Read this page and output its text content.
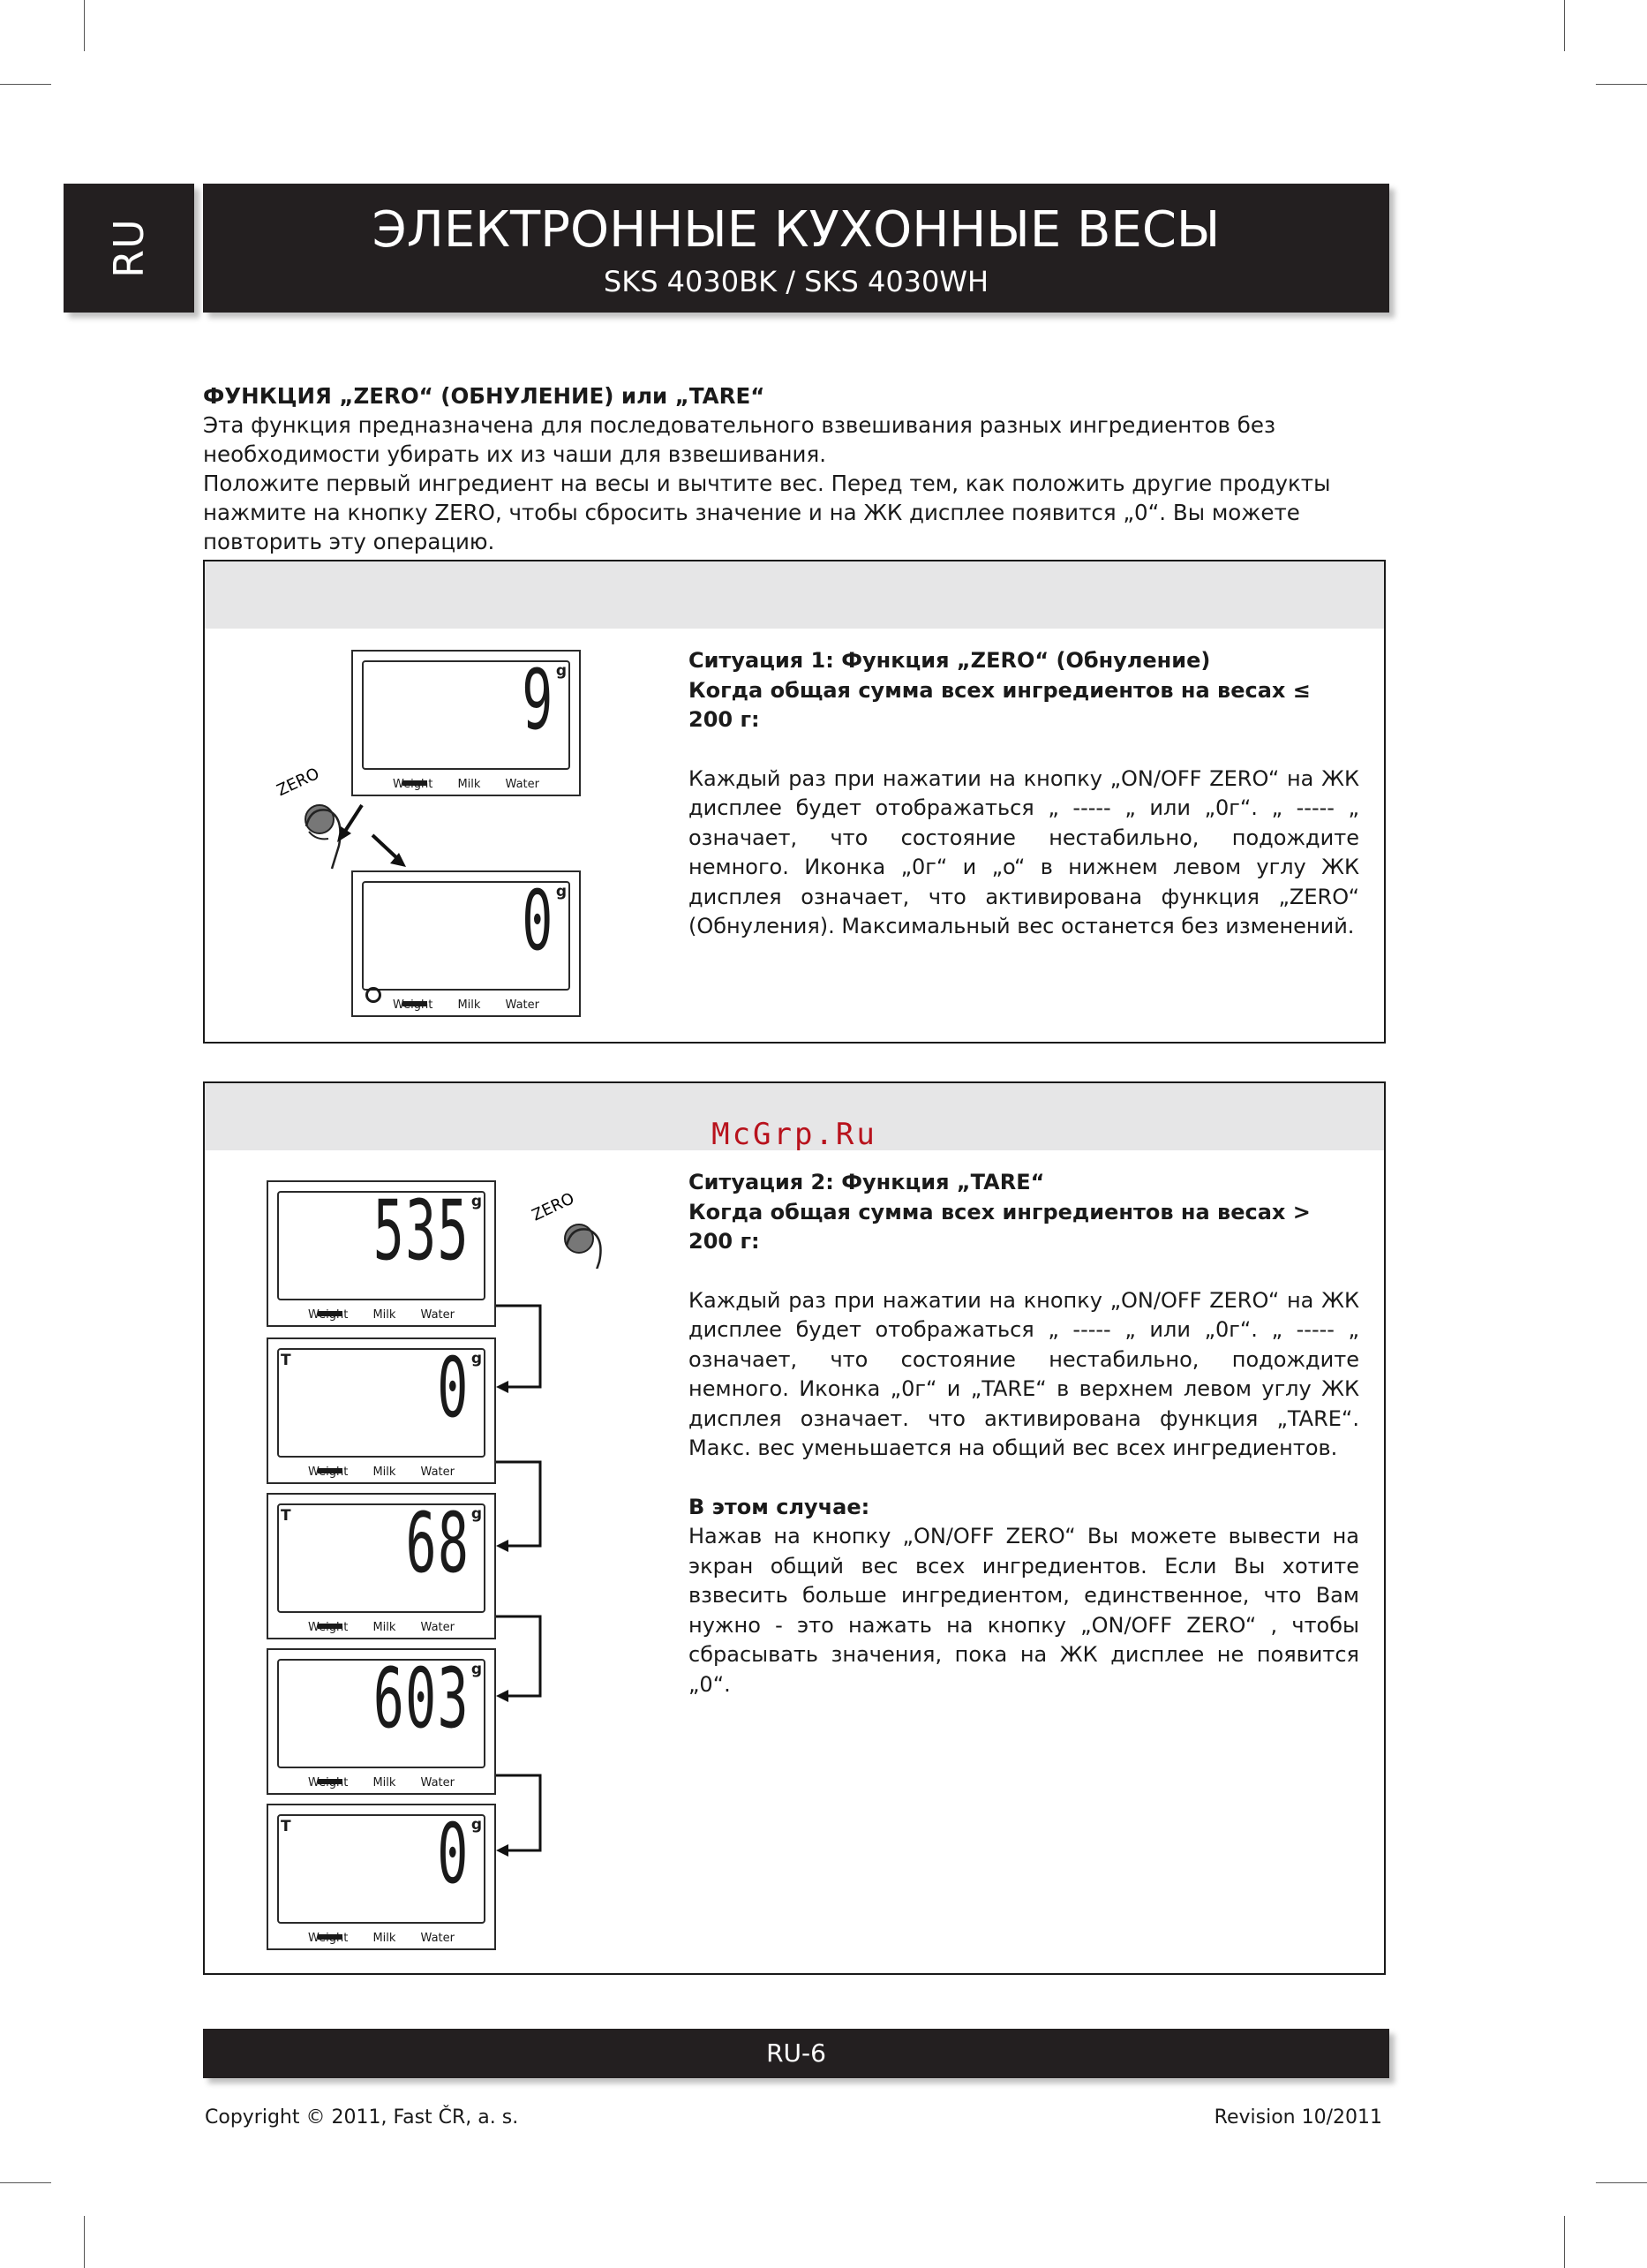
RU	ЭЛЕКТРОННЫЕ КУХОННЫЕ ВЕСЫ
SKS 4030BK / SKS 4030WH
ФУНКЦИЯ „ZERO“ (ОБНУЛЕНИЕ) или „TARE“
Эта функция предназначена для последовательного взвешивания разных ингредиентов без необходимости убирать их из чаши для взвешивания.
Положите первый ингредиент на весы и вычтите вес. Перед тем, как положить другие продукты нажмите на кнопку ZERO, чтобы сбросить значение и на ЖК дисплее появится „0“. Вы можете повторить эту операцию.
9 g
Weight Milk Water
ZERO
0 g
Weight Milk Water

Ситуация 1: Функция „ZERO“ (Обнуление)

Когда общая сумма всех ингредиентов на весах ≤ 200 г:

Каждый раз при нажатии на кнопку „ON/OFF ZERO“ на ЖК дисплее будет отображаться „ ----- „ или „0г“. „ ----- „ означает, что состояние нестабильно, подождите немного. Иконка „0г“ и „o“ в нижнем левом углу ЖК дисплея означает, что активирована функция „ZERO“ (Обнуления). Максимальный вес останется без изменений.

McGrp.Ru
ZERO
535 g
Weight Milk Water
T 0 g
Weight Milk Water
T 68 g
Weight Milk Water
603 g
Weight Milk Water
T 0 g
Weight Milk Water

Ситуация 2: Функция „TARE“

Когда общая сумма всех ингредиентов на весах > 200 г:

Каждый раз при нажатии на кнопку „ON/OFF ZERO“ на ЖК дисплее будет отображаться „ ----- „ или „0г“. „ ----- „ означает, что состояние нестабильно, подождите немного. Иконка „0г“ и „TARE“ в верхнем левом углу ЖК дисплея означает. что активирована функция „TARE“. Макс. вес уменьшается на общий вес всех ингредиентов.

В этом случае:

Нажав на кнопку „ON/OFF ZERO“ Вы можете вывести на экран общий вес всех ингредиентов. Если Вы хотите взвесить больше ингредиентом, единственное, что Вам нужно - это нажать на кнопку „ON/OFF ZERO“ , чтобы сбрасывать значения, пока на ЖК дисплее не появится „0“.

RU-6
Copyright © 2011, Fast ČR, a. s.	Revision 10/2011
